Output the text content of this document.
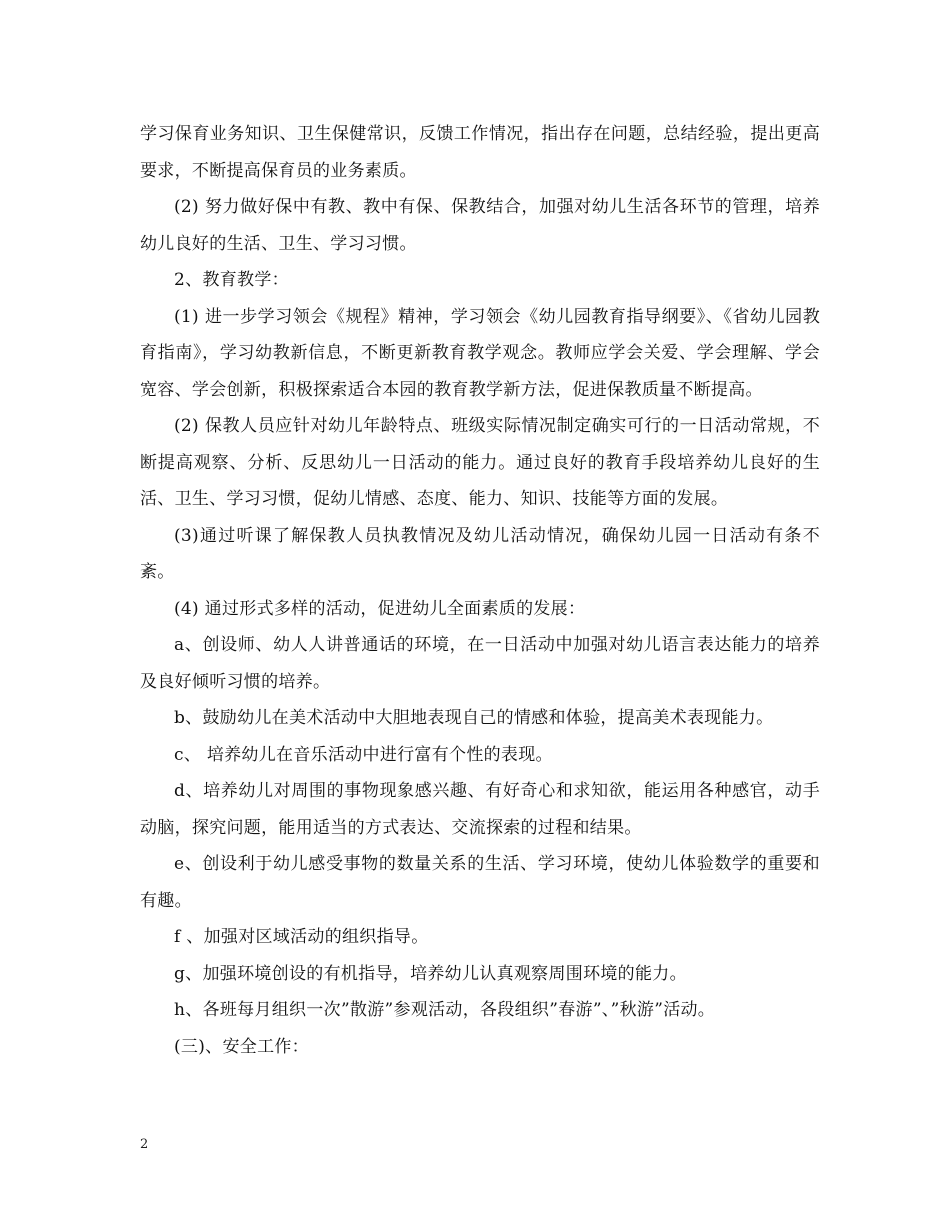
学习保育业务知识、卫生保健常识，反馈工作情况，指出存在问题，总结经验，提出更高要求，不断提高保育员的业务素质。

(2) 努力做好保中有教、教中有保、保教结合，加强对幼儿生活各环节的管理，培养幼儿良好的生活、卫生、学习习惯。

2、教育教学：

(1) 进一步学习领会《规程》精神，学习领会《幼儿园教育指导纲要》、《省幼儿园教育指南》，学习幼教新信息，不断更新教育教学观念。教师应学会关爱、学会理解、学会宽容、学会创新，积极探索适合本园的教育教学新方法，促进保教质量不断提高。

(2) 保教人员应针对幼儿年龄特点、班级实际情况制定确实可行的一日活动常规，不断提高观察、分析、反思幼儿一日活动的能力。通过良好的教育手段培养幼儿良好的生活、卫生、学习习惯，促幼儿情感、态度、能力、知识、技能等方面的发展。

(3)通过听课了解保教人员执教情况及幼儿活动情况，确保幼儿园一日活动有条不紊。

(4) 通过形式多样的活动，促进幼儿全面素质的发展：

a、创设师、幼人人讲普通话的环境，在一日活动中加强对幼儿语言表达能力的培养及良好倾听习惯的培养。

b、鼓励幼儿在美术活动中大胆地表现自己的情感和体验，提高美术表现能力。

c、 培养幼儿在音乐活动中进行富有个性的表现。

d、培养幼儿对周围的事物现象感兴趣、有好奇心和求知欲，能运用各种感官，动手动脑，探究问题，能用适当的方式表达、交流探索的过程和结果。

e、创设利于幼儿感受事物的数量关系的生活、学习环境，使幼儿体验数学的重要和有趣。

f 、加强对区域活动的组织指导。

g、加强环境创设的有机指导，培养幼儿认真观察周围环境的能力。

h、各班每月组织一次”散游”参观活动，各段组织”春游”、”秋游”活动。

(三)、安全工作：

2
